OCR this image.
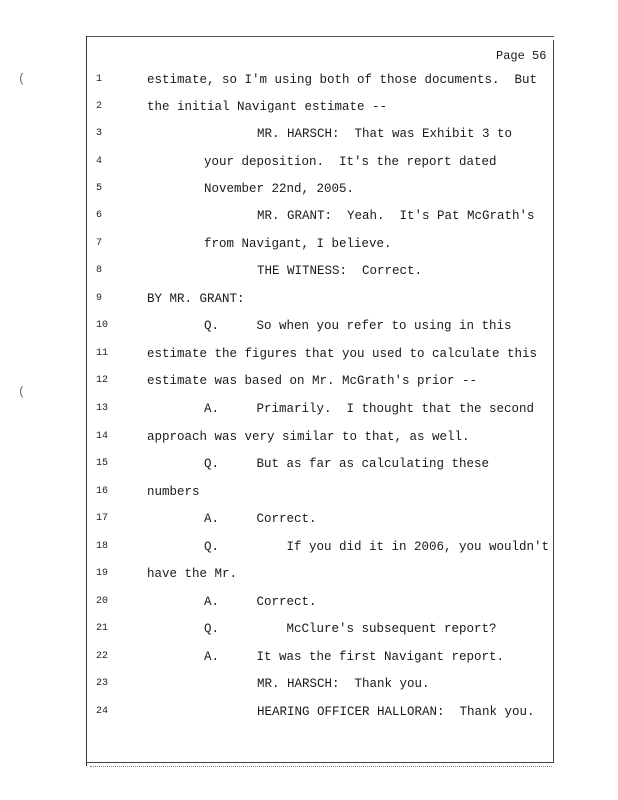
Page 56
1	estimate, so I'm using both of those documents.  But
2	the initial Navigant estimate --
3	MR. HARSCH:  That was Exhibit 3 to
4	your deposition.  It's the report dated
5	November 22nd, 2005.
6	MR. GRANT:  Yeah.  It's Pat McGrath's
7	from Navigant, I believe.
8	THE WITNESS:  Correct.
9	BY MR. GRANT:
10	Q.     So when you refer to using in this
11	estimate the figures that you used to calculate this
12	estimate was based on Mr. McGrath's prior --
13	A.     Primarily.  I thought that the second
14	approach was very similar to that, as well.
15	Q.     But as far as calculating these
16	numbers
17	A.     Correct.
18	Q.         If you did it in 2006, you wouldn't
19	have the Mr.
20	A.     Correct.
21	Q.         McClure's subsequent report?
22	A.     It was the first Navigant report.
23	MR. HARSCH:  Thank you.
24	HEARING OFFICER HALLORAN:  Thank you.
(
(
